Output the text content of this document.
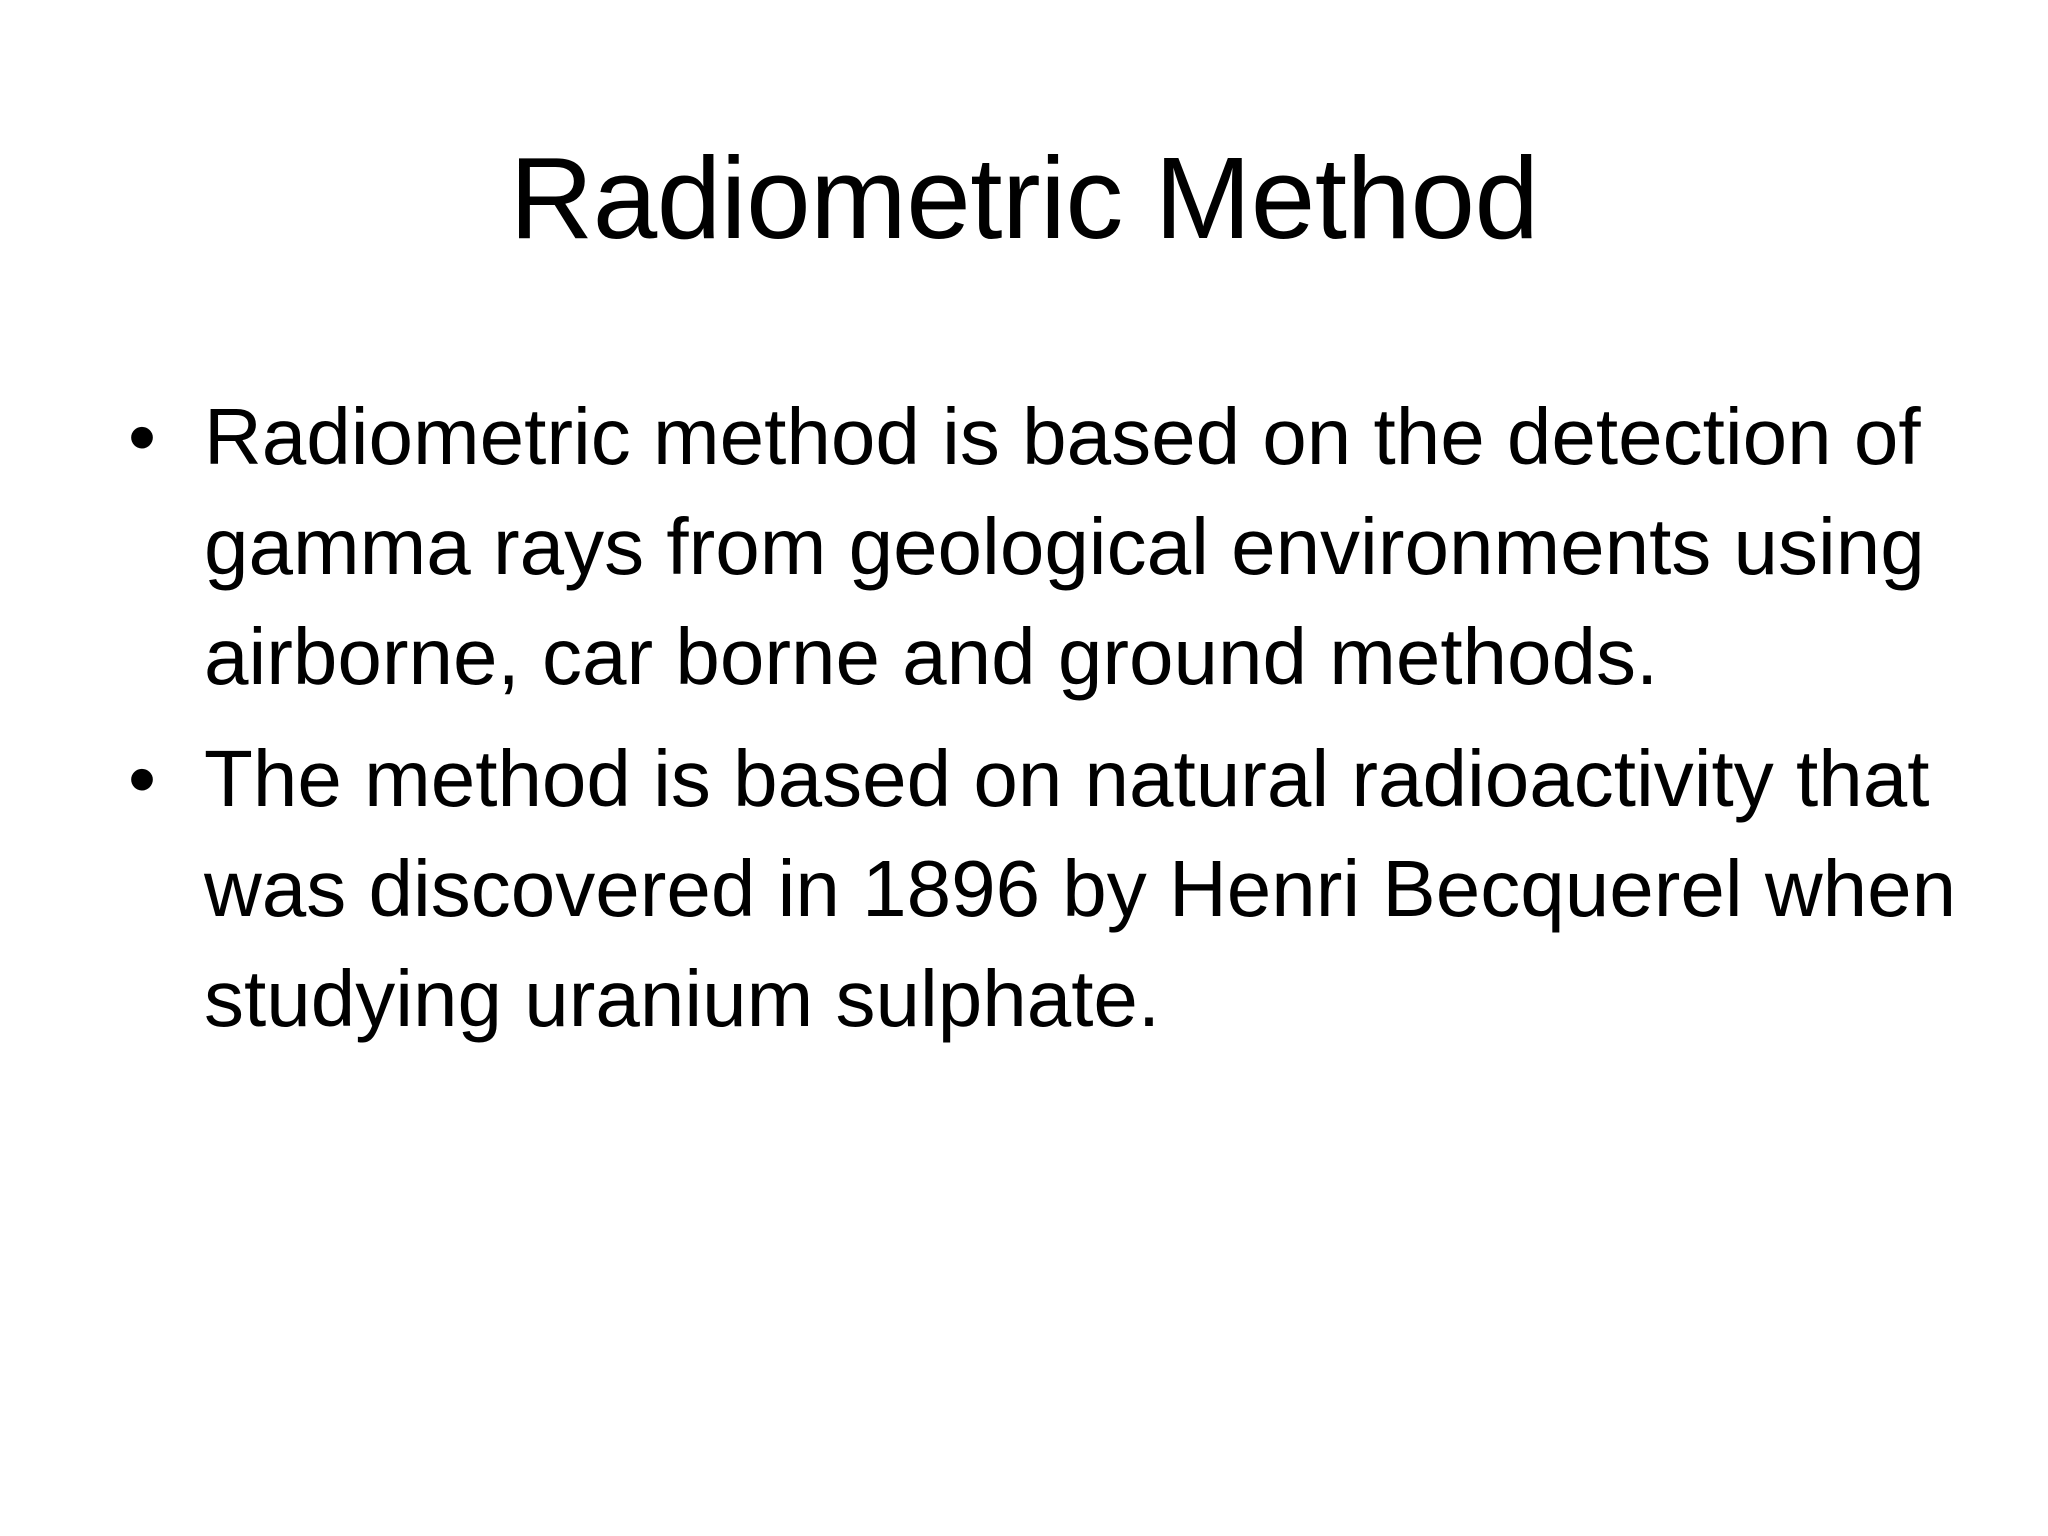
Radiometric Method
• Radiometric method is based on the detection of gamma rays from geological environments using airborne, car borne and ground methods.
• The method is based on natural radioactivity that was discovered in 1896 by Henri Becquerel when studying uranium sulphate.
